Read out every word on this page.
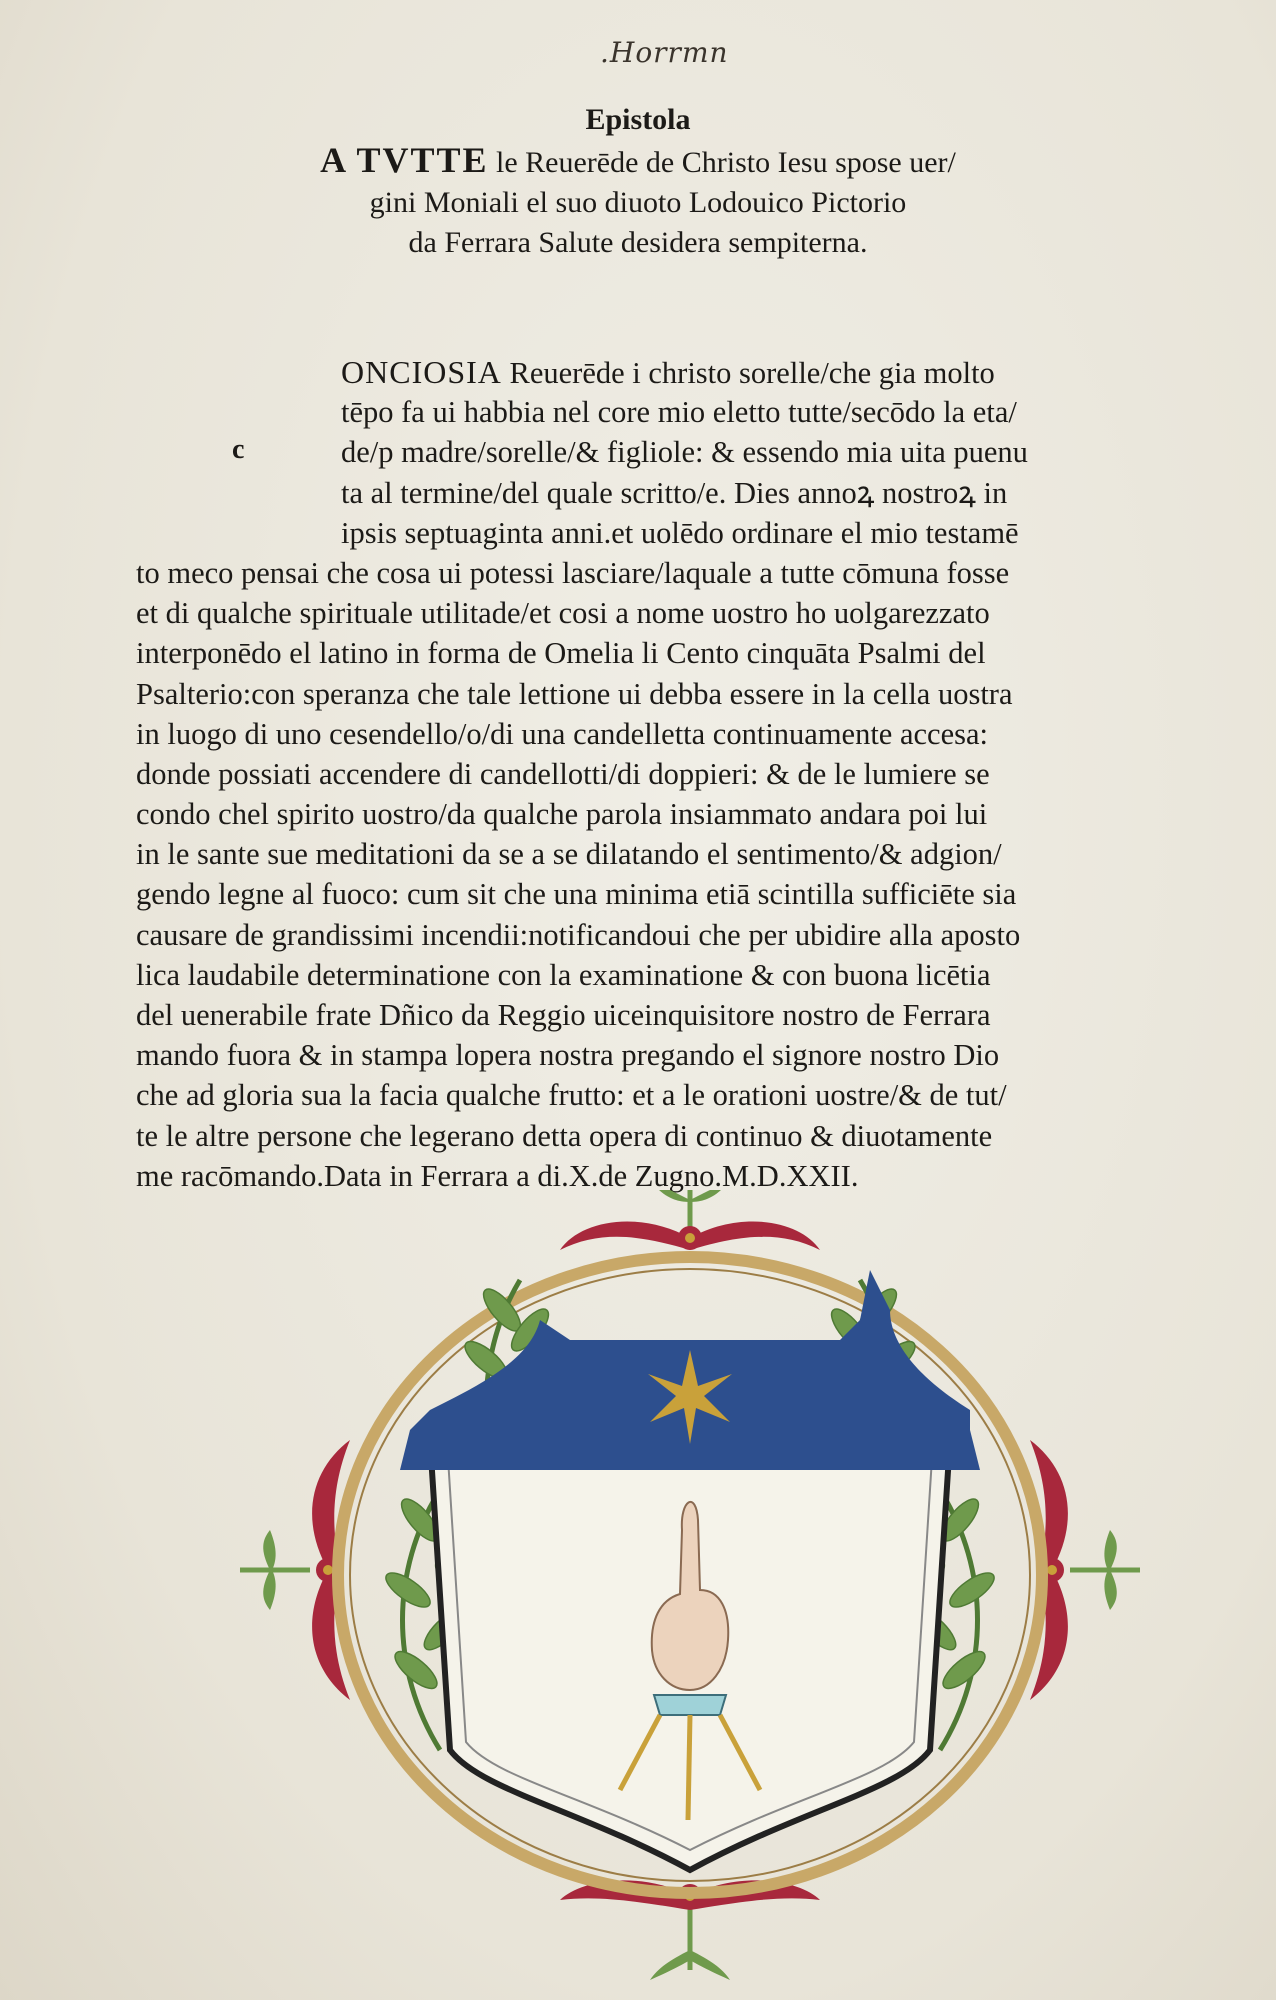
.Horrmn
Epistola
A TVTTE le Reuerēde de Christo Iesu spose uer/
gini Moniali el suo diuoto Lodouico Pictorio
da Ferrara Salute desidera sempiterna.
c
ONCIOSIA Reuerēde i christo sorelle/che gia molto
tēpo fa ui habbia nel core mio eletto tutte/secōdo la eta/
de/p madre/sorelle/& figliole: & essendo mia uita puenu
ta al termine/del quale scritto/e. Dies annoꝝ nostroꝝ in
ipsis septuaginta anni.et uolēdo ordinare el mio testamē
to meco pensai che cosa ui potessi lasciare/laquale a tutte cōmuna fosse
et di qualche spirituale utilitade/et cosi a nome uostro ho uolgarezzato
interponēdo el latino in forma de Omelia li Cento cinquāta Psalmi del
Psalterio:con speranza che tale lettione ui debba essere in la cella uostra
in luogo di uno cesendello/o/di una candelletta continuamente accesa:
donde possiati accendere di candellotti/di doppieri: & de le lumiere se
condo chel spirito uostro/da qualche parola insiammato andara poi lui
in le sante sue meditationi da se a se dilatando el sentimento/& adgion/
gendo legne al fuoco: cum sit che una minima etiā scintilla sufficiēte sia
causare de grandissimi incendii:notificandoui che per ubidire alla aposto
lica laudabile determinatione con la examinatione & con buona licētia
del uenerabile frate Dñico da Reggio uiceinquisitore nostro de Ferrara
mando fuora & in stampa lopera nostra pregando el signore nostro Dio
che ad gloria sua la facia qualche frutto: et a le orationi uostre/& de tut/
te le altre persone che legerano detta opera di continuo & diuotamente
me racōmando.Data in Ferrara a di.X.de Zugno.M.D.XXII.
